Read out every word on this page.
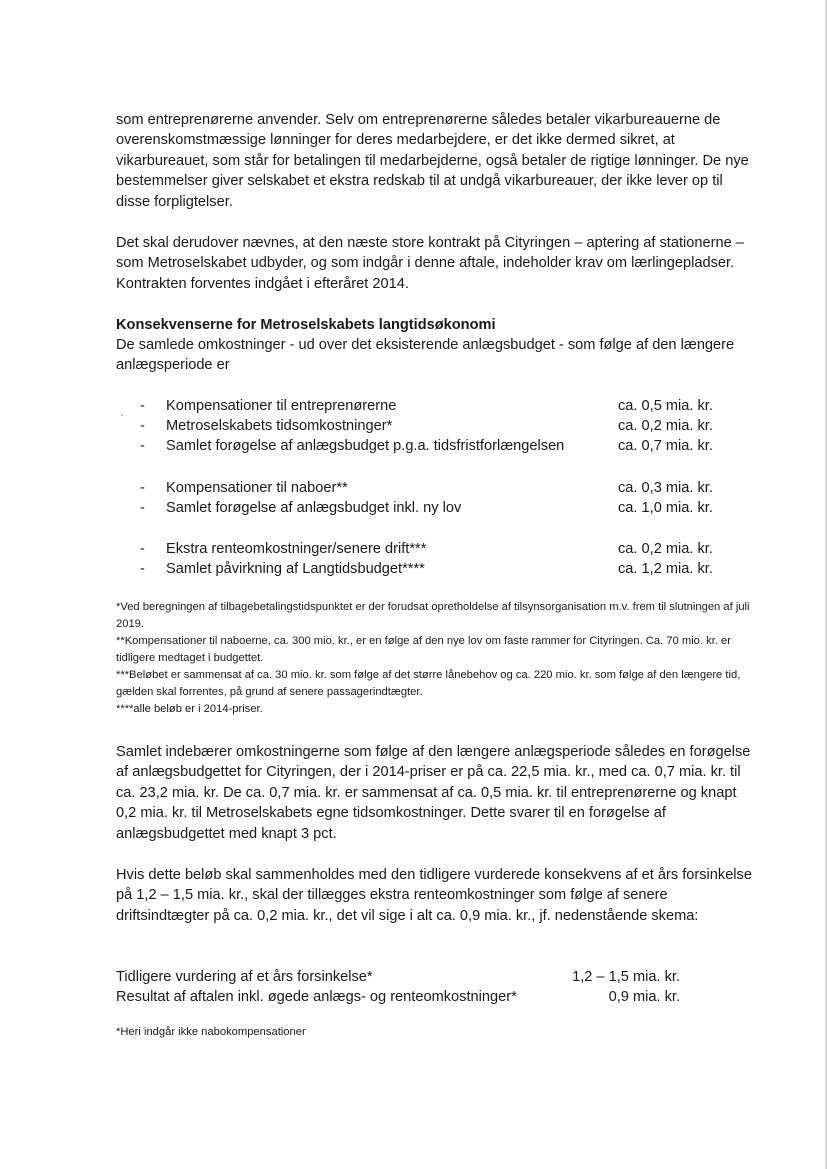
som entreprenørerne anvender. Selv om entreprenørerne således betaler vikarbureauerne de overenskomstmæssige lønninger for deres medarbejdere, er det ikke dermed sikret, at vikarbureauet, som står for betalingen til medarbejderne, også betaler de rigtige lønninger. De nye bestemmelser giver selskabet et ekstra redskab til at undgå vikarbureauer, der ikke lever op til disse forpligtelser.

Det skal derudover nævnes, at den næste store kontrakt på Cityringen – aptering af stationerne – som Metroselskabet udbyder, og som indgår i denne aftale, indeholder krav om lærlingepladser. Kontrakten forventes indgået i efteråret 2014.

Konsekvenserne for Metroselskabets langtidsøkonomi

De samlede omkostninger - ud over det eksisterende anlægsbudget - som følge af den længere anlægsperiode er

- Kompensationer til entreprenørerne	ca. 0,5 mia. kr.
- Metroselskabets tidsomkostninger*	ca. 0,2 mia. kr.
- Samlet forøgelse af anlægsbudget p.g.a. tidsfristforlængelsen	ca. 0,7 mia. kr.
- Kompensationer til naboer**	ca. 0,3 mia. kr.
- Samlet forøgelse af anlægsbudget inkl. ny lov	ca. 1,0 mia. kr.
- Ekstra renteomkostninger/senere drift***	ca. 0,2 mia. kr.
- Samlet påvirkning af Langtidsbudget****	ca. 1,2 mia. kr.

*Ved beregningen af tilbagebetalingstidspunktet er der forudsat opretholdelse af tilsynsorganisation m.v. frem til slutningen af juli 2019.

**Kompensationer til naboerne, ca. 300 mio. kr., er en følge af den nye lov om faste rammer for Cityringen. Ca. 70 mio. kr. er tidligere medtaget i budgettet.

***Beløbet er sammensat af ca. 30 mio. kr. som følge af det større lånebehov og ca. 220 mio. kr. som følge af den længere tid, gælden skal forrentes, på grund af senere passagerindtægter.

****alle beløb er i 2014-priser.

Samlet indebærer omkostningerne som følge af den længere anlægsperiode således en forøgelse af anlægsbudgettet for Cityringen, der i 2014-priser er på ca. 22,5 mia. kr., med ca. 0,7 mia. kr. til ca. 23,2 mia. kr. De ca. 0,7 mia. kr. er sammensat af ca. 0,5 mia. kr. til entreprenørerne og knapt 0,2 mia. kr. til Metroselskabets egne tidsomkostninger. Dette svarer til en forøgelse af anlægsbudgettet med knapt 3 pct.

Hvis dette beløb skal sammenholdes med den tidligere vurderede konsekvens af et års forsinkelse på 1,2 – 1,5 mia. kr., skal der tillægges ekstra renteomkostninger som følge af senere driftsindtægter på ca. 0,2 mia. kr., det vil sige i alt ca. 0,9 mia. kr., jf. nedenstående skema:

Tidligere vurdering af et års forsinkelse*	1,2 – 1,5 mia. kr.
Resultat af aftalen inkl. øgede anlægs- og renteomkostninger*	0,9 mia. kr.

*Heri indgår ikke nabokompensationer
